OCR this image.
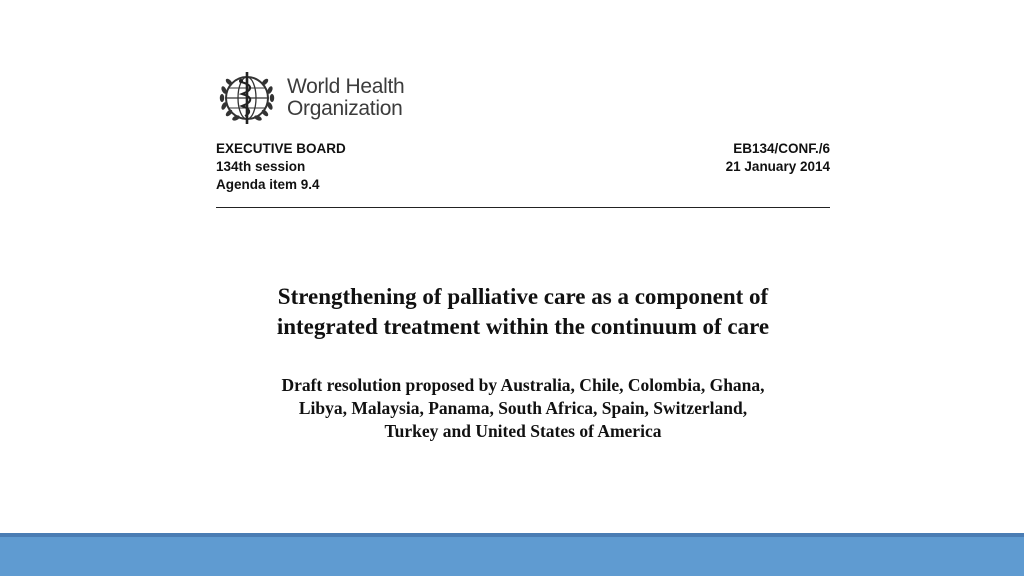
World Health
Organization
EXECUTIVE BOARD
134th session
Agenda item 9.4
EB134/CONF./6
21 January 2014
Strengthening of palliative care as a component of
integrated treatment within the continuum of care
Draft resolution proposed by Australia, Chile, Colombia, Ghana,
Libya, Malaysia, Panama, South Africa, Spain, Switzerland,
Turkey and United States of America
